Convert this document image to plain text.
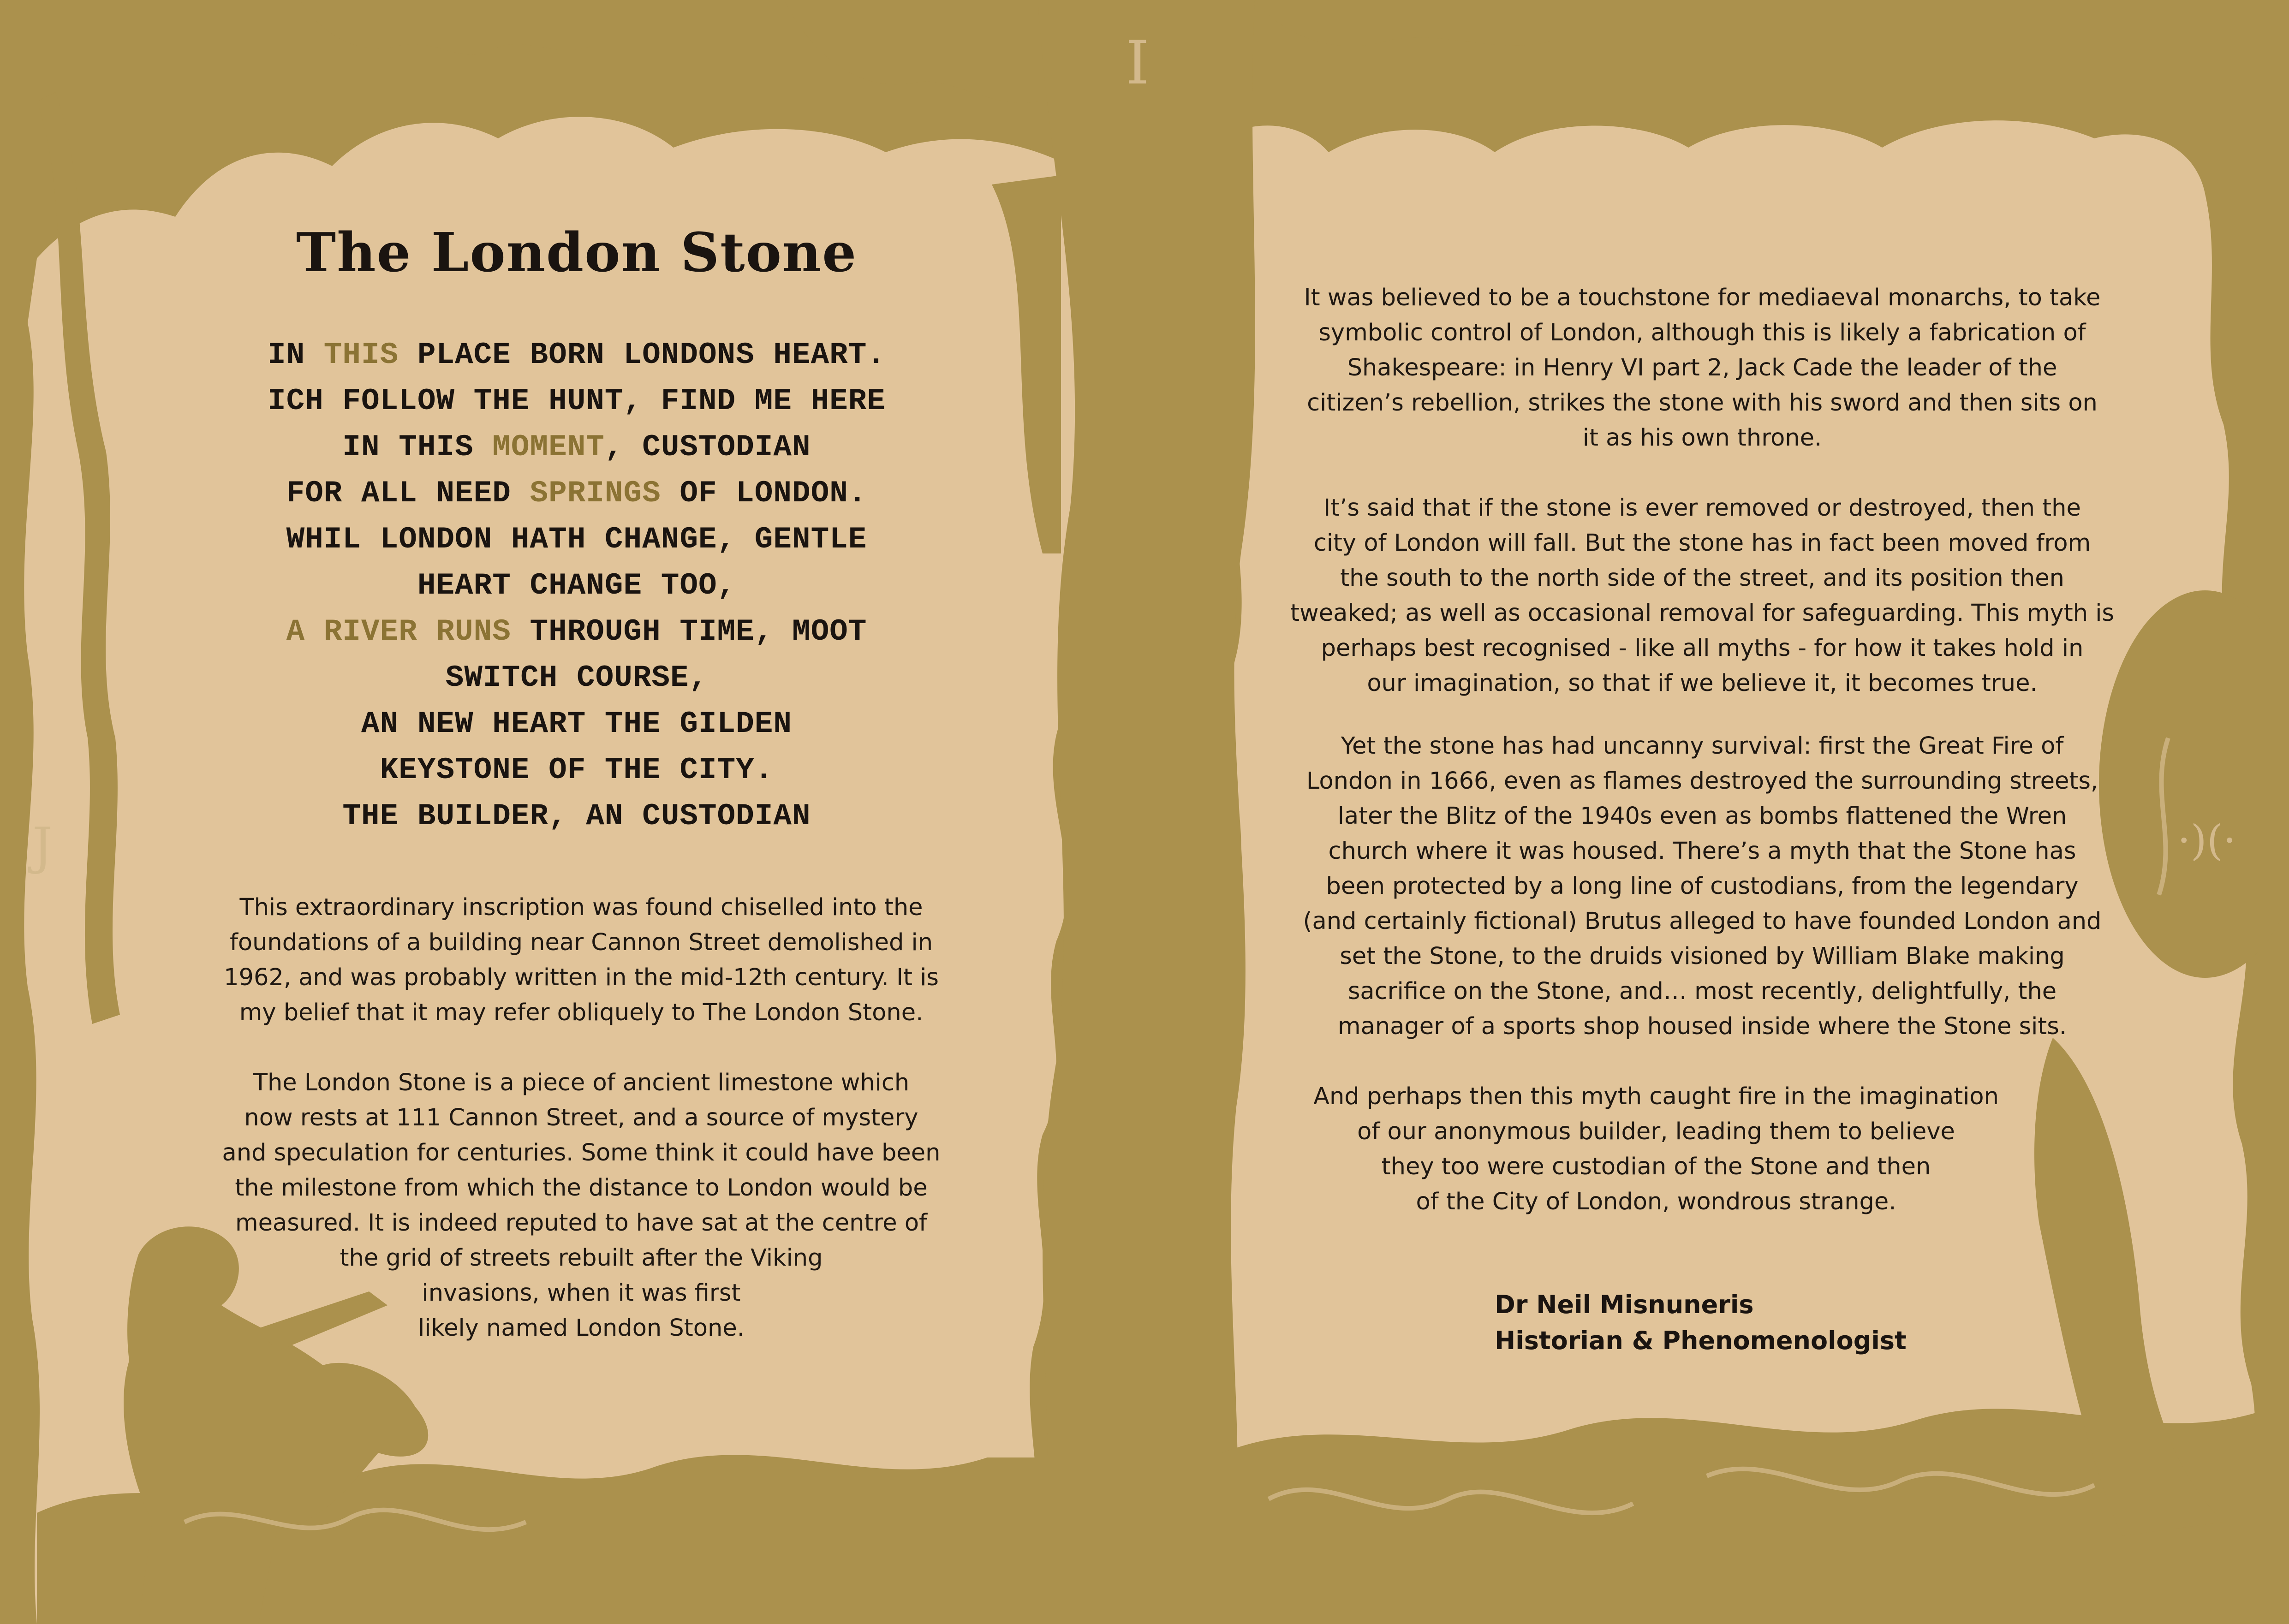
The London Stone
IN THIS PLACE BORN LONDONS HEART.
ICH FOLLOW THE HUNT, FIND ME HERE
IN THIS MOMENT, CUSTODIAN
FOR ALL NEED SPRINGS OF LONDON.
WHIL LONDON HATH CHANGE, GENTLE
HEART CHANGE TOO,
A RIVER RUNS THROUGH TIME, MOOT
SWITCH COURSE,
AN NEW HEART THE GILDEN
KEYSTONE OF THE CITY.
THE BUILDER, AN CUSTODIAN
This extraordinary inscription was found chiselled into the
foundations of a building near Cannon Street demolished in
1962, and was probably written in the mid-12th century. It is
my belief that it may refer obliquely to The London Stone.
The London Stone is a piece of ancient limestone which
now rests at 111 Cannon Street, and a source of mystery
and speculation for centuries. Some think it could have been
the milestone from which the distance to London would be
measured. It is indeed reputed to have sat at the centre of
the grid of streets rebuilt after the Viking
invasions, when it was first
likely named London Stone.
It was believed to be a touchstone for mediaeval monarchs, to take
symbolic control of London, although this is likely a fabrication of
Shakespeare: in Henry VI part 2, Jack Cade the leader of the
citizen’s rebellion, strikes the stone with his sword and then sits on
it as his own throne.
It’s said that if the stone is ever removed or destroyed, then the
city of London will fall. But the stone has in fact been moved from
the south to the north side of the street, and its position then
tweaked; as well as occasional removal for safeguarding. This myth is
perhaps best recognised - like all myths - for how it takes hold in
our imagination, so that if we believe it, it becomes true.
Yet the stone has had uncanny survival: first the Great Fire of
London in 1666, even as flames destroyed the surrounding streets,
later the Blitz of the 1940s even as bombs flattened the Wren
church where it was housed. There’s a myth that the Stone has
been protected by a long line of custodians, from the legendary
(and certainly fictional) Brutus alleged to have founded London and
set the Stone, to the druids visioned by William Blake making
sacrifice on the Stone, and… most recently, delightfully, the
manager of a sports shop housed inside where the Stone sits.
And perhaps then this myth caught fire in the imagination
of our anonymous builder, leading them to believe
they too were custodian of the Stone and then
of the City of London, wondrous strange.
Dr Neil Misnuneris
Historian & Phenomenologist
I
J	·)(·
